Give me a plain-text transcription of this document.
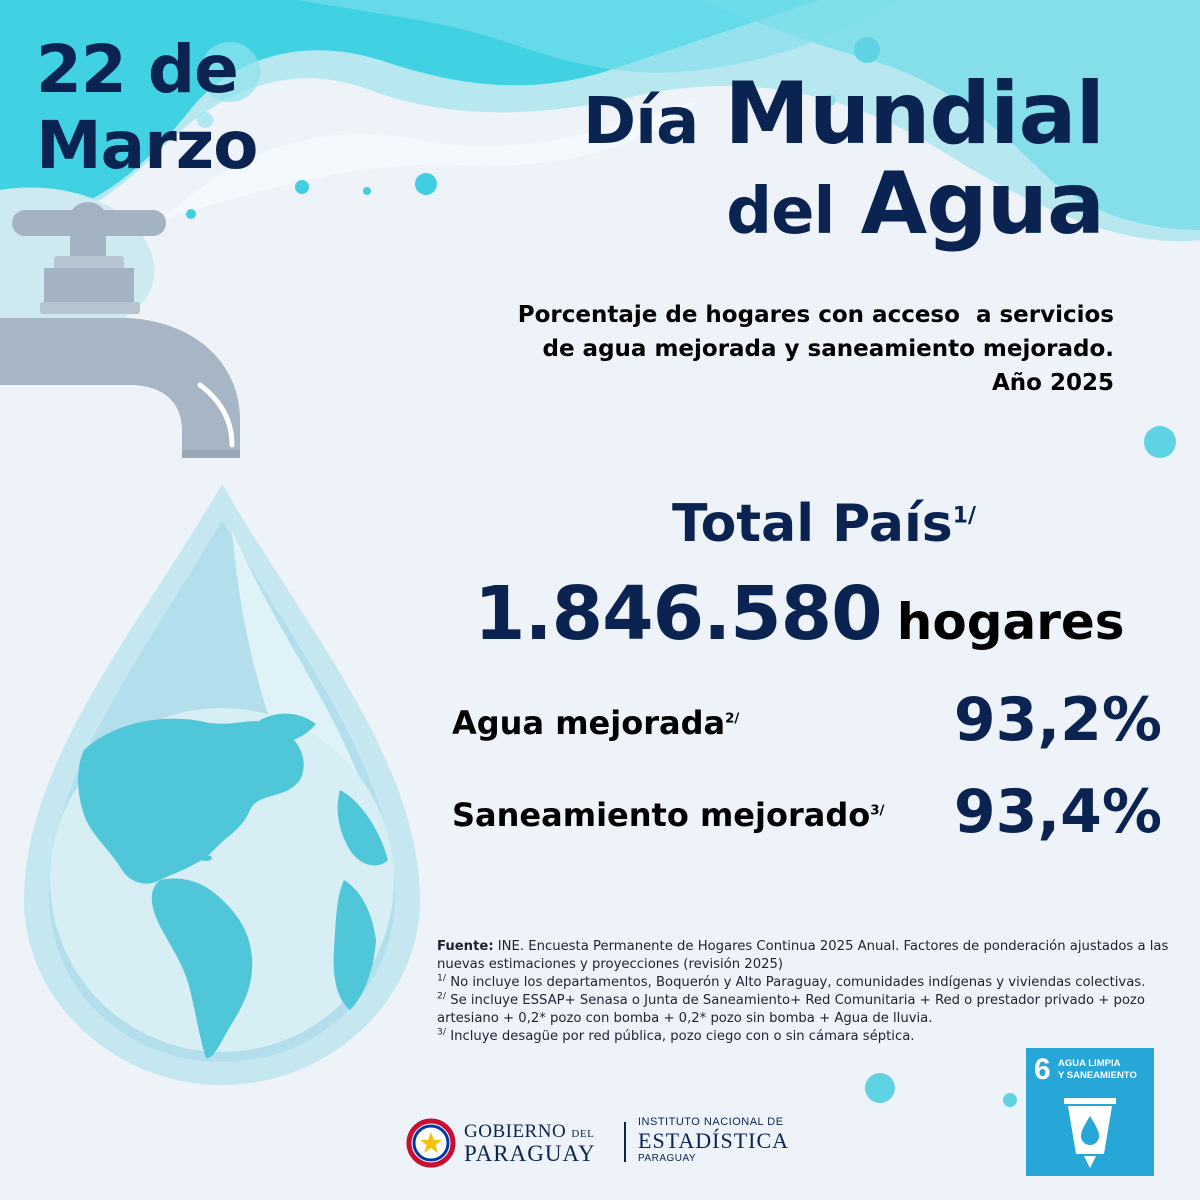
22 de
Marzo	Día Mundial
del Agua
Porcentaje de hogares con acceso  a servicios
de agua mejorada y saneamiento mejorado.
Año 2025
Total País$^{1/}$
1.846.580 hogares
Agua mejorada$^{2/}$	93,2%
Saneamiento mejorado$^{3/}$ 93,4%

Fuente: INE. Encuesta Permanente de Hogares Continua 2025 Anual. Factores de ponderación ajustados a las nuevas estimaciones y proyecciones (revisión 2025)

$^{1/}$ No incluye los departamentos, Boquerón y Alto Paraguay, comunidades indígenas y viviendas colectivas.

$^{2/}$ Se incluye ESSAP+ Senasa o Junta de Saneamiento+ Red Comunitaria + Red o prestador privado + pozo artesiano + 0,2* pozo con bomba + 0,2* pozo sin bomba + Agua de lluvia.

$^{3/}$ Incluye desagüe por red pública, pozo ciego con o sin cámara séptica.

GOBIERNO DEL
PARAGUAY
INSTITUTO NACIONAL DE
ESTADÍSTICA
PARAGUAY
6 AGUA LIMPIA
Y SANEAMIENTO
